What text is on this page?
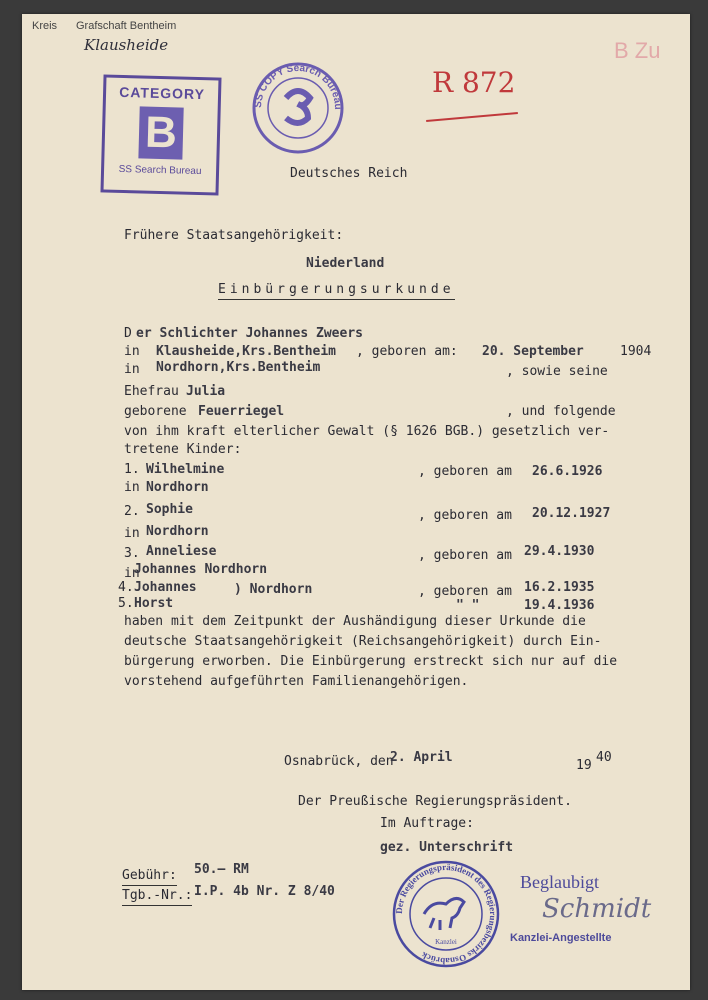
Kreis Grafschaft Bentheim
Klausheide
R 872
B Zu
CATEGORY
B
SS Search Bureau
SS COPY Search Bureau
Deutsches Reich
Frühere Staatsangehörigkeit:
Niederland
Einbürgerungsurkunde
D er Schlichter Johannes Zweers
in Klausheide,Krs.Bentheim , geboren am: 20. September	1904
in Nordhorn,Krs.Bentheim	, sowie seine
Ehefrau Julia
geborene Feuerriegel	, und folgende
von ihm kraft elterlicher Gewalt (§ 1626 BGB.) gesetzlich ver-
tretene Kinder:
1. Wilhelmine	, geboren am 26.6.1926
in Nordhorn
2. Sophie	, geboren am 20.12.1927
in Nordhorn
3. Anneliese	, geboren am 29.4.1930
in
Johannes Nordhorn
4. Johannes	) Nordhorn	, geboren am 16.2.1935
5. Horst	" "	19.4.1936
haben mit dem Zeitpunkt der Aushändigung dieser Urkunde die
deutsche Staatsangehörigkeit (Reichsangehörigkeit) durch Ein-
bürgerung erworben. Die Einbürgerung erstreckt sich nur auf die
vorstehend aufgeführten Familienangehörigen.
Osnabrück, den
2. April
19
40
Der Preußische Regierungspräsident.
Im Auftrage:
gez. Unterschrift
Gebühr: 50.— RM
Tgb.-Nr.: I.P. 4b Nr. Z 8/40
Der Regierungspräsident des Regierungsbezirks Osnabrück
Kanzlei
Beglaubigt
Schmidt
Kanzlei-Angestellte
